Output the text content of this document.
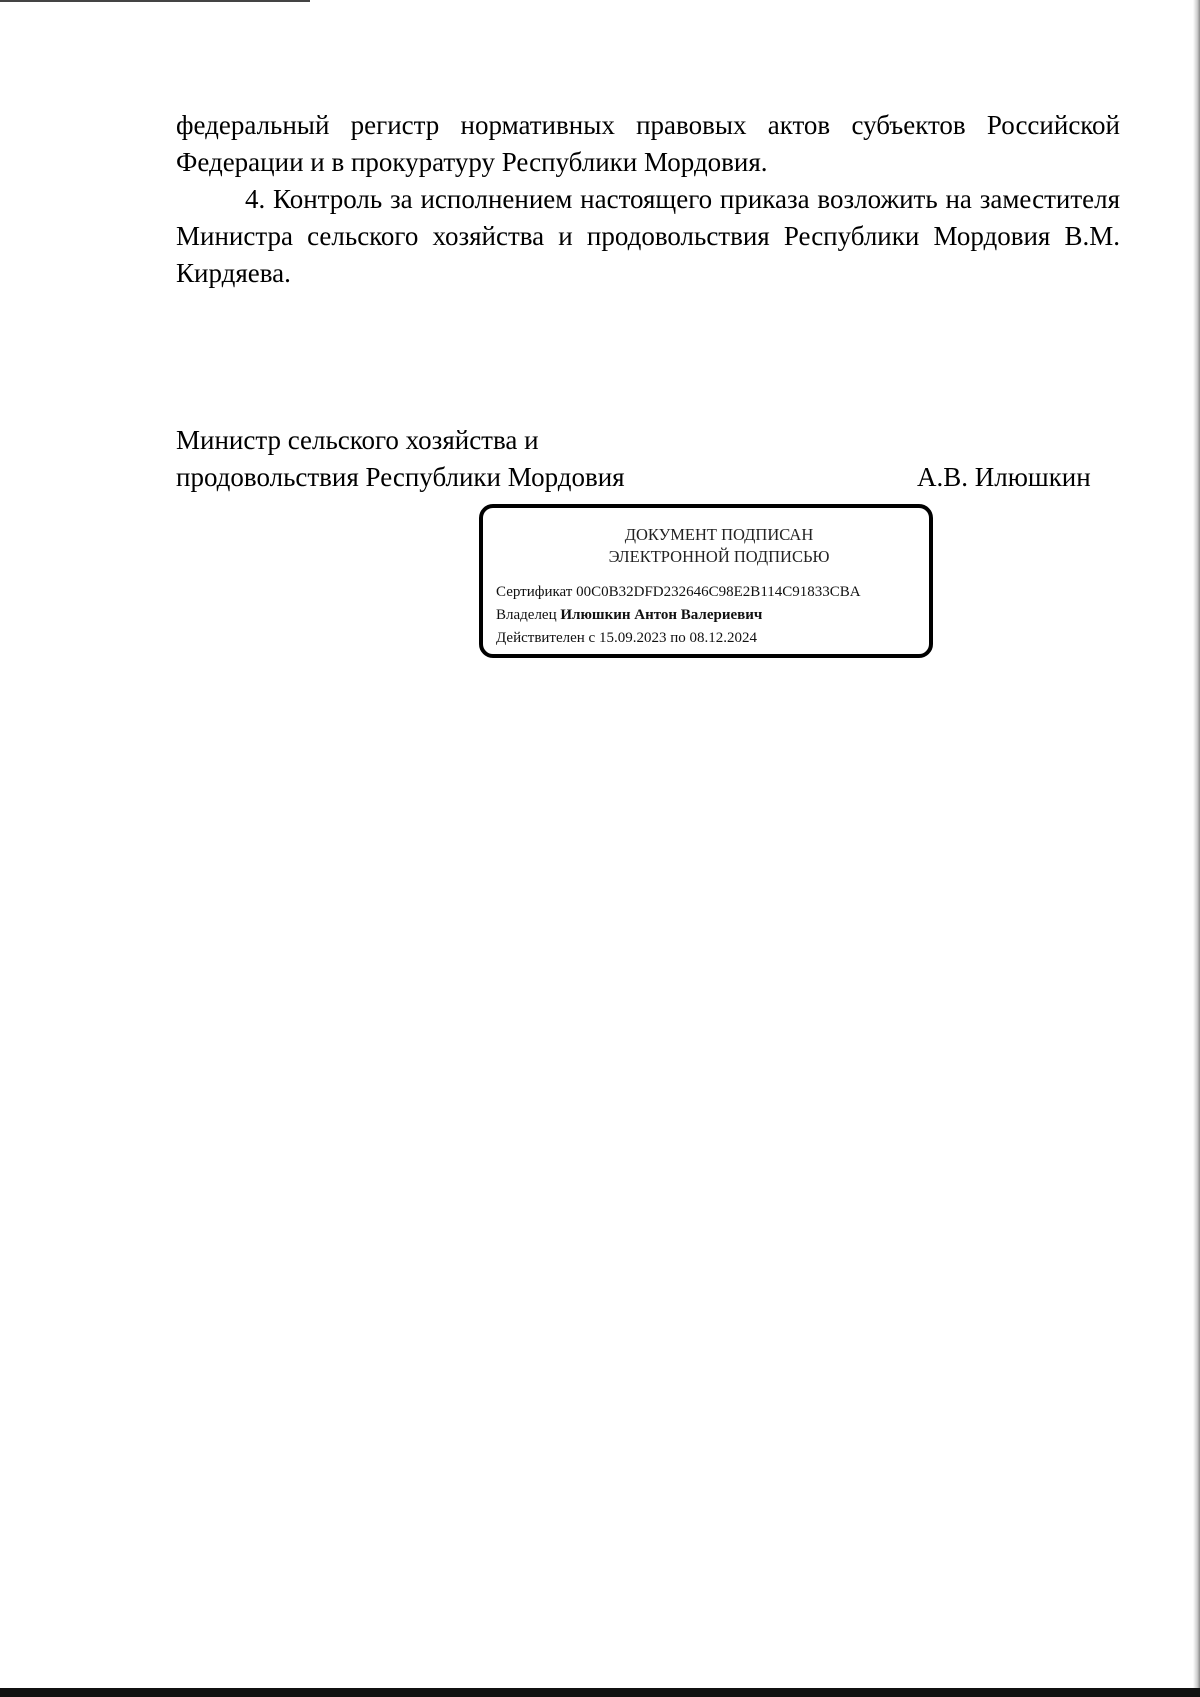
федеральный регистр нормативных правовых актов субъектов Российской Федерации и в прокуратуру Республики Мордовия.

4. Контроль за исполнением настоящего приказа возложить на заместителя Министра сельского хозяйства и продовольствия Республики Мордовия В.М. Кирдяева.

Министр сельского хозяйства и
продовольствия Республики Мордовия	А.В. Илюшкин
ДОКУМЕНТ ПОДПИСАН
ЭЛЕКТРОННОЙ ПОДПИСЬЮ
Сертификат 00C0B32DFD232646C98E2B114C91833CBA
Владелец Илюшкин Антон Валериевич
Действителен с 15.09.2023 по 08.12.2024
